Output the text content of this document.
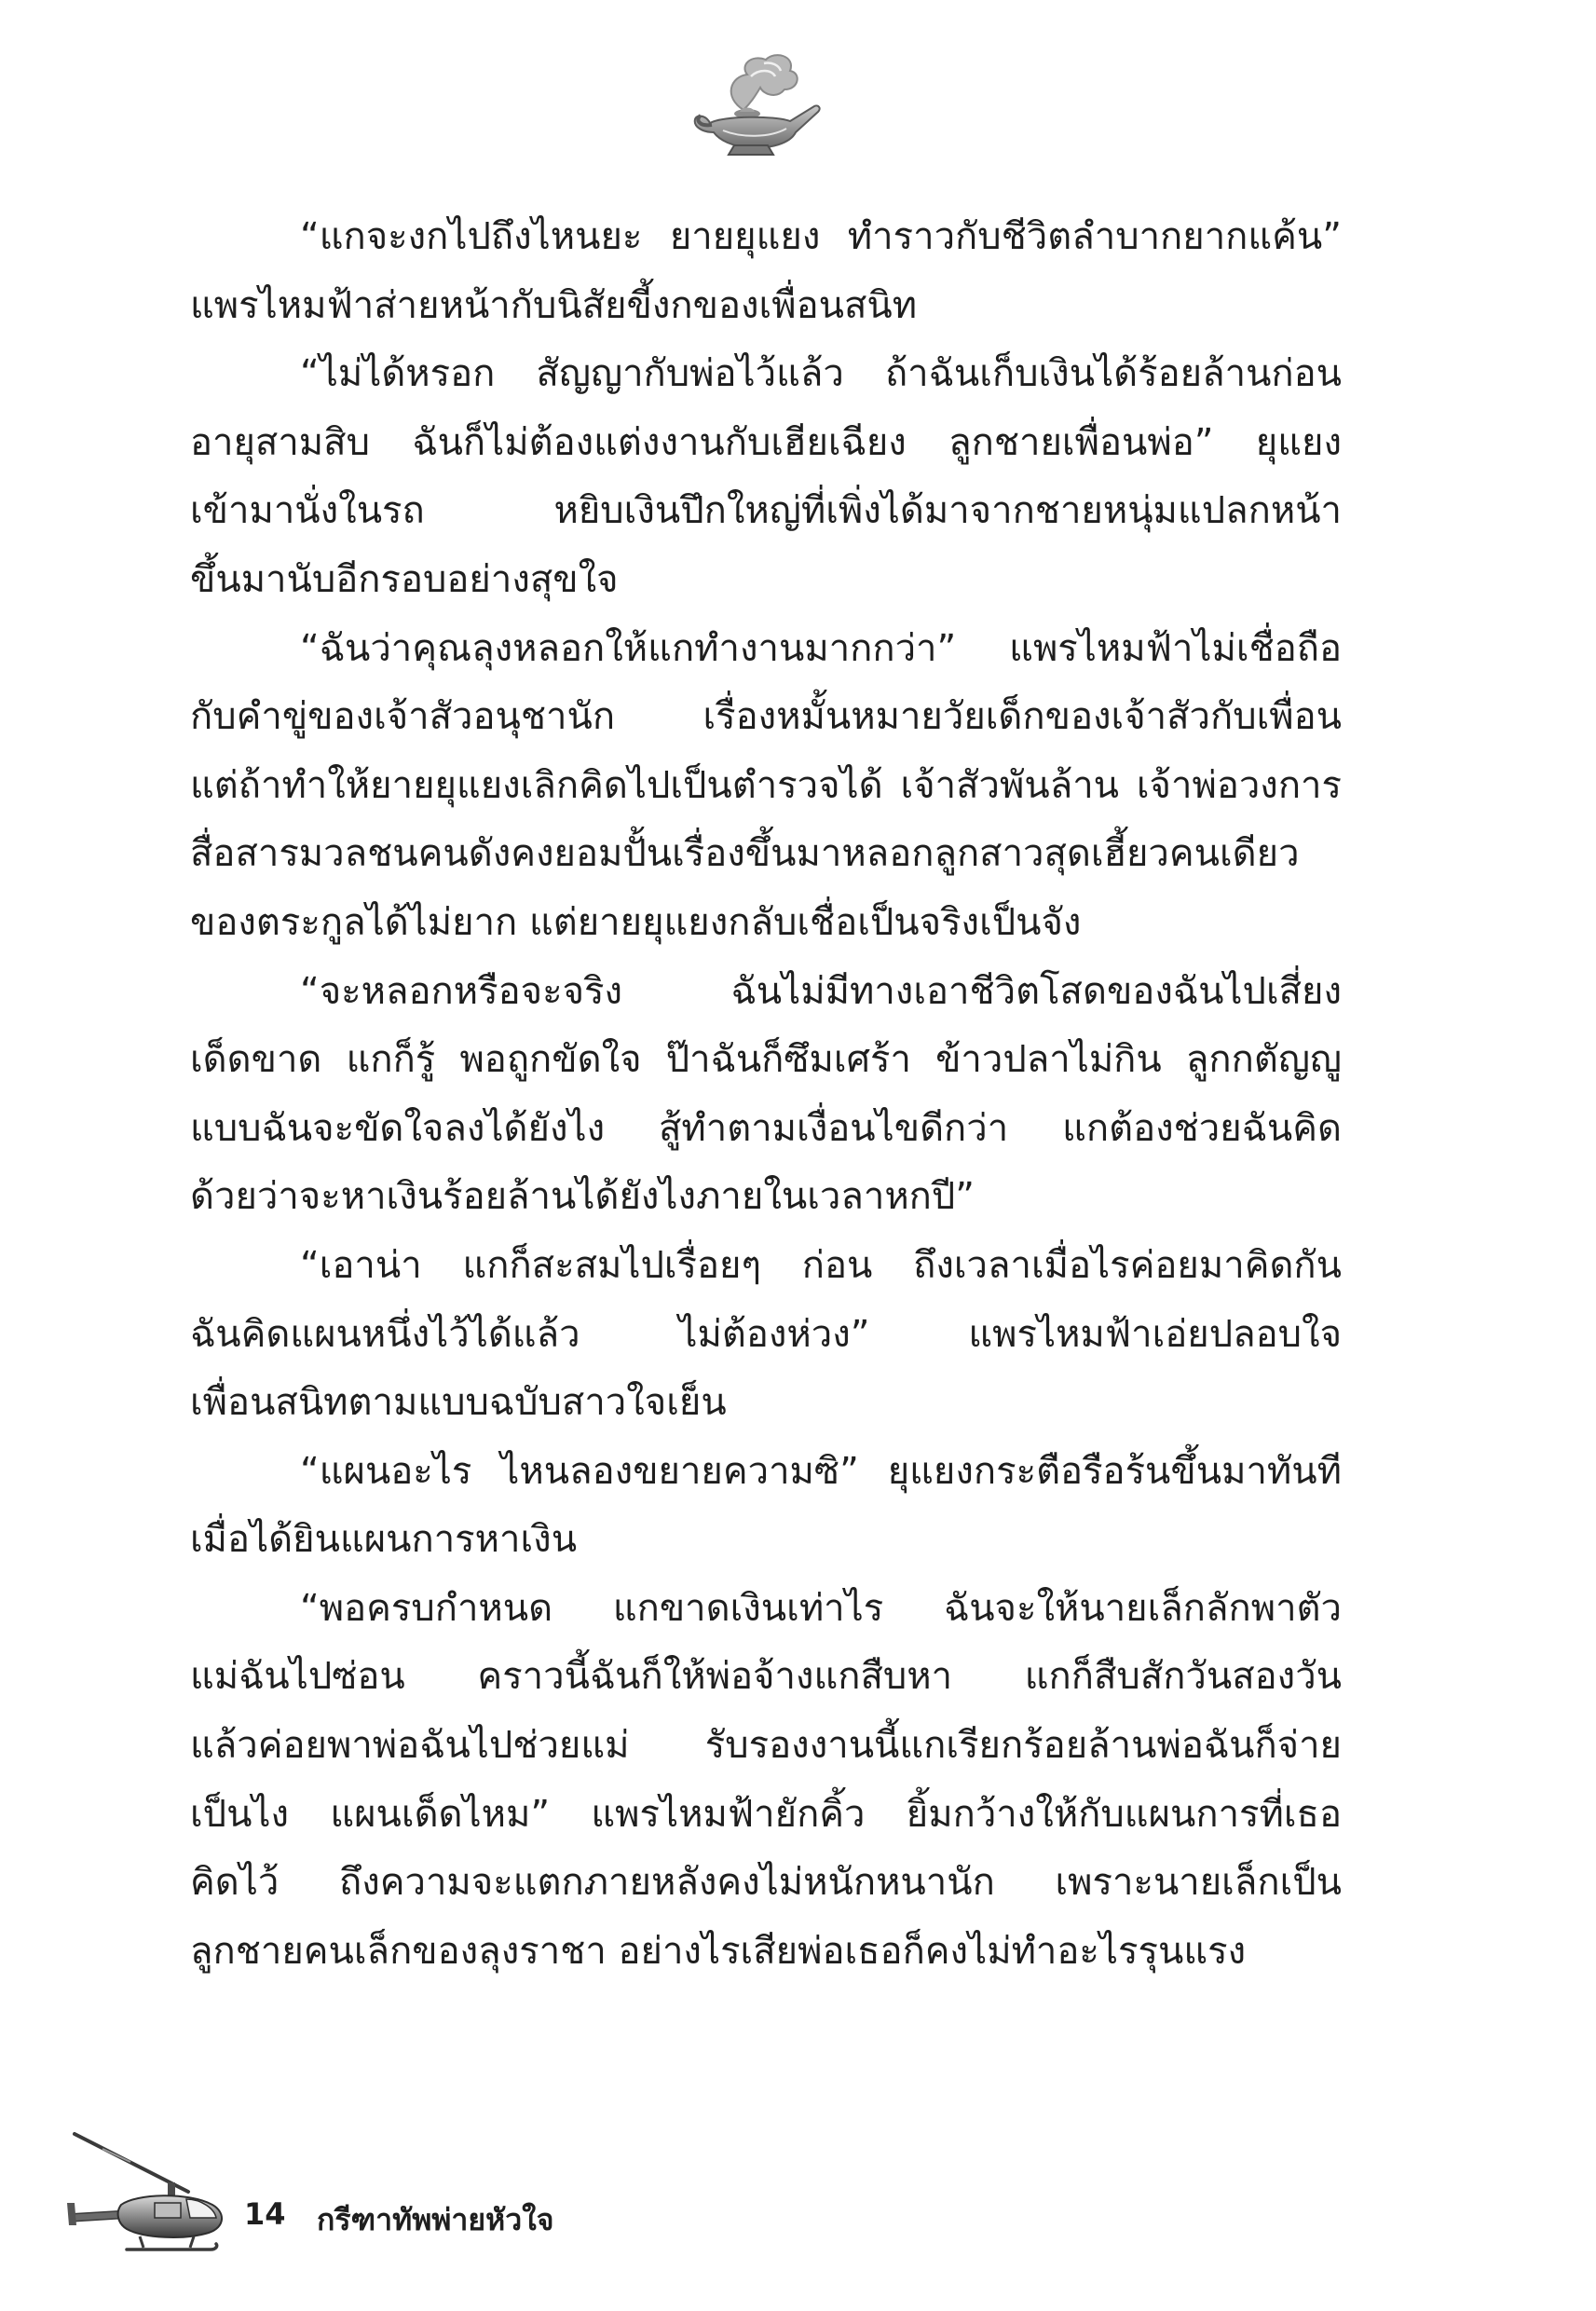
“แกจะงกไปถึงไหนยะ ยายยุแยง ทำราวกับชีวิตลำบากยากแค้น”
แพรไหมฟ้าส่ายหน้ากับนิสัยขี้งกของเพื่อนสนิท
“ไม่ได้หรอก สัญญากับพ่อไว้แล้ว ถ้าฉันเก็บเงินได้ร้อยล้านก่อน
อายุสามสิบ ฉันก็ไม่ต้องแต่งงานกับเฮียเฉียง ลูกชายเพื่อนพ่อ” ยุแยง
เข้ามานั่งในรถ หยิบเงินปึกใหญ่ที่เพิ่งได้มาจากชายหนุ่มแปลกหน้า
ขึ้นมานับอีกรอบอย่างสุขใจ
“ฉันว่าคุณลุงหลอกให้แกทำงานมากกว่า” แพรไหมฟ้าไม่เชื่อถือ
กับคำขู่ของเจ้าสัวอนุชานัก เรื่องหมั้นหมายวัยเด็กของเจ้าสัวกับเพื่อน
แต่ถ้าทำให้ยายยุแยงเลิกคิดไปเป็นตำรวจได้ เจ้าสัวพันล้าน เจ้าพ่อวงการ
สื่อสารมวลชนคนดังคงยอมปั้นเรื่องขึ้นมาหลอกลูกสาวสุดเฮี้ยวคนเดียว
ของตระกูลได้ไม่ยาก แต่ยายยุแยงกลับเชื่อเป็นจริงเป็นจัง
“จะหลอกหรือจะจริง ฉันไม่มีทางเอาชีวิตโสดของฉันไปเสี่ยง
เด็ดขาด แกก็รู้ พอถูกขัดใจ ป๊าฉันก็ซึมเศร้า ข้าวปลาไม่กิน ลูกกตัญญู
แบบฉันจะขัดใจลงได้ยังไง สู้ทำตามเงื่อนไขดีกว่า แกต้องช่วยฉันคิด
ด้วยว่าจะหาเงินร้อยล้านได้ยังไงภายในเวลาหกปี”
“เอาน่า แกก็สะสมไปเรื่อยๆ ก่อน ถึงเวลาเมื่อไรค่อยมาคิดกัน
ฉันคิดแผนหนึ่งไว้ได้แล้ว ไม่ต้องห่วง” แพรไหมฟ้าเอ่ยปลอบใจ
เพื่อนสนิทตามแบบฉบับสาวใจเย็น
“แผนอะไร ไหนลองขยายความซิ” ยุแยงกระตือรือร้นขึ้นมาทันที
เมื่อได้ยินแผนการหาเงิน
“พอครบกำหนด แกขาดเงินเท่าไร ฉันจะให้นายเล็กลักพาตัว
แม่ฉันไปซ่อน คราวนี้ฉันก็ให้พ่อจ้างแกสืบหา แกก็สืบสักวันสองวัน
แล้วค่อยพาพ่อฉันไปช่วยแม่ รับรองงานนี้แกเรียกร้อยล้านพ่อฉันก็จ่าย
เป็นไง แผนเด็ดไหม” แพรไหมฟ้ายักคิ้ว ยิ้มกว้างให้กับแผนการที่เธอ
คิดไว้ ถึงความจะแตกภายหลังคงไม่หนักหนานัก เพราะนายเล็กเป็น
ลูกชายคนเล็กของลุงราชา อย่างไรเสียพ่อเธอก็คงไม่ทำอะไรรุนแรง
14 กรีฑาทัพพ่ายหัวใจ
